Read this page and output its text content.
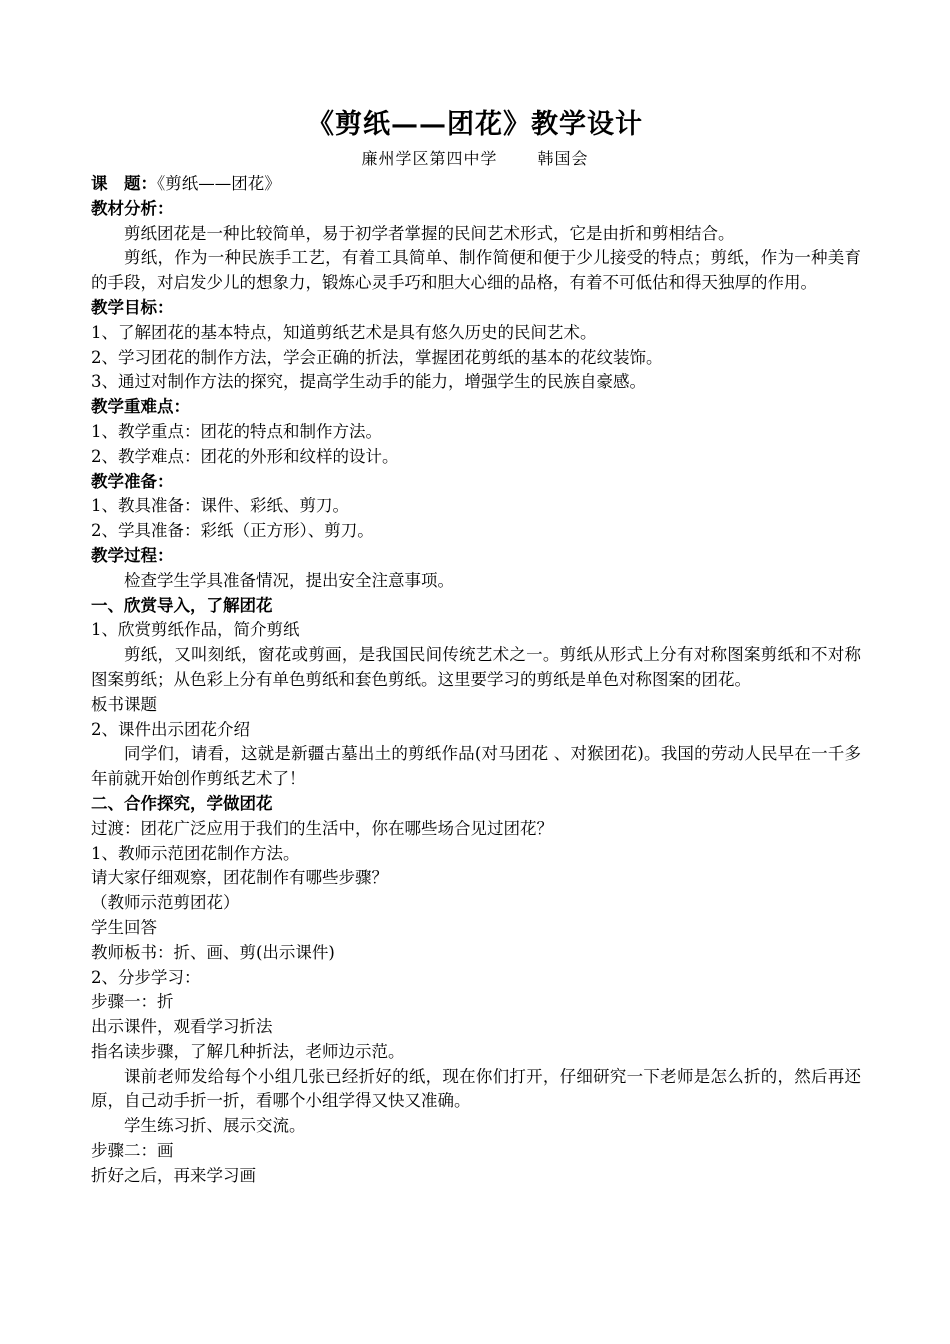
《剪纸——团花》教学设计
廉州学区第四中学	韩国会
课　题：《剪纸——团花》
教材分析：
剪纸团花是一种比较简单，易于初学者掌握的民间艺术形式，它是由折和剪相结合。
剪纸，作为一种民族手工艺，有着工具简单、制作简便和便于少儿接受的特点；剪纸，作为一种美育的手段，对启发少儿的想象力，锻炼心灵手巧和胆大心细的品格，有着不可低估和得天独厚的作用。
教学目标：
1、了解团花的基本特点，知道剪纸艺术是具有悠久历史的民间艺术。
2、学习团花的制作方法，学会正确的折法，掌握团花剪纸的基本的花纹装饰。
3、通过对制作方法的探究，提高学生动手的能力，增强学生的民族自豪感。
教学重难点：
1、教学重点：团花的特点和制作方法。
2、教学难点：团花的外形和纹样的设计。
教学准备：
1、教具准备：课件、彩纸、剪刀。
2、学具准备：彩纸（正方形）、剪刀。
教学过程：
检查学生学具准备情况，提出安全注意事项。
一、欣赏导入，了解团花
1、欣赏剪纸作品，简介剪纸
剪纸，又叫刻纸，窗花或剪画，是我国民间传统艺术之一。剪纸从形式上分有对称图案剪纸和不对称图案剪纸；从色彩上分有单色剪纸和套色剪纸。这里要学习的剪纸是单色对称图案的团花。
板书课题
2、课件出示团花介绍
同学们，请看，这就是新疆古墓出土的剪纸作品(对马团花 、对猴团花)。我国的劳动人民早在一千多年前就开始创作剪纸艺术了！
二、合作探究，学做团花
过渡：团花广泛应用于我们的生活中，你在哪些场合见过团花？
1、教师示范团花制作方法。
请大家仔细观察，团花制作有哪些步骤？
（教师示范剪团花）
学生回答
教师板书：折、画、剪(出示课件)
2、分步学习：
步骤一：折
出示课件，观看学习折法
指名读步骤，了解几种折法，老师边示范。
课前老师发给每个小组几张已经折好的纸，现在你们打开，仔细研究一下老师是怎么折的，然后再还原，自己动手折一折，看哪个小组学得又快又准确。
学生练习折、展示交流。
步骤二：画
折好之后，再来学习画
